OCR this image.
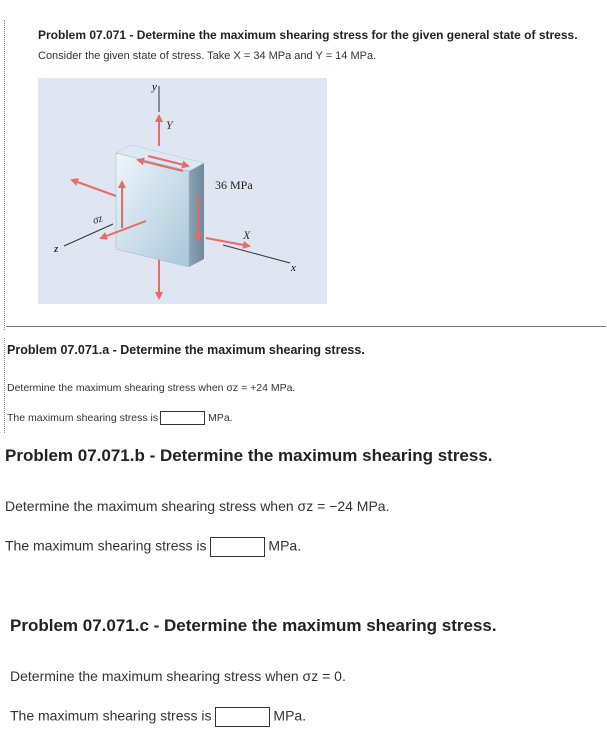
Problem 07.071 - Determine the maximum shearing stress for the given general state of stress.
Consider the given state of stress. Take X = 34 MPa and Y = 14 MPa.
y
x
z
Y
36 MPa
X
σz
Problem 07.071.a - Determine the maximum shearing stress.
Determine the maximum shearing stress when σz = +24 MPa.
The maximum shearing stress is	MPa.
Problem 07.071.b - Determine the maximum shearing stress.
Determine the maximum shearing stress when σz = −24 MPa.
The maximum shearing stress is	MPa.
Problem 07.071.c - Determine the maximum shearing stress.
Determine the maximum shearing stress when σz = 0.
The maximum shearing stress is	MPa.
